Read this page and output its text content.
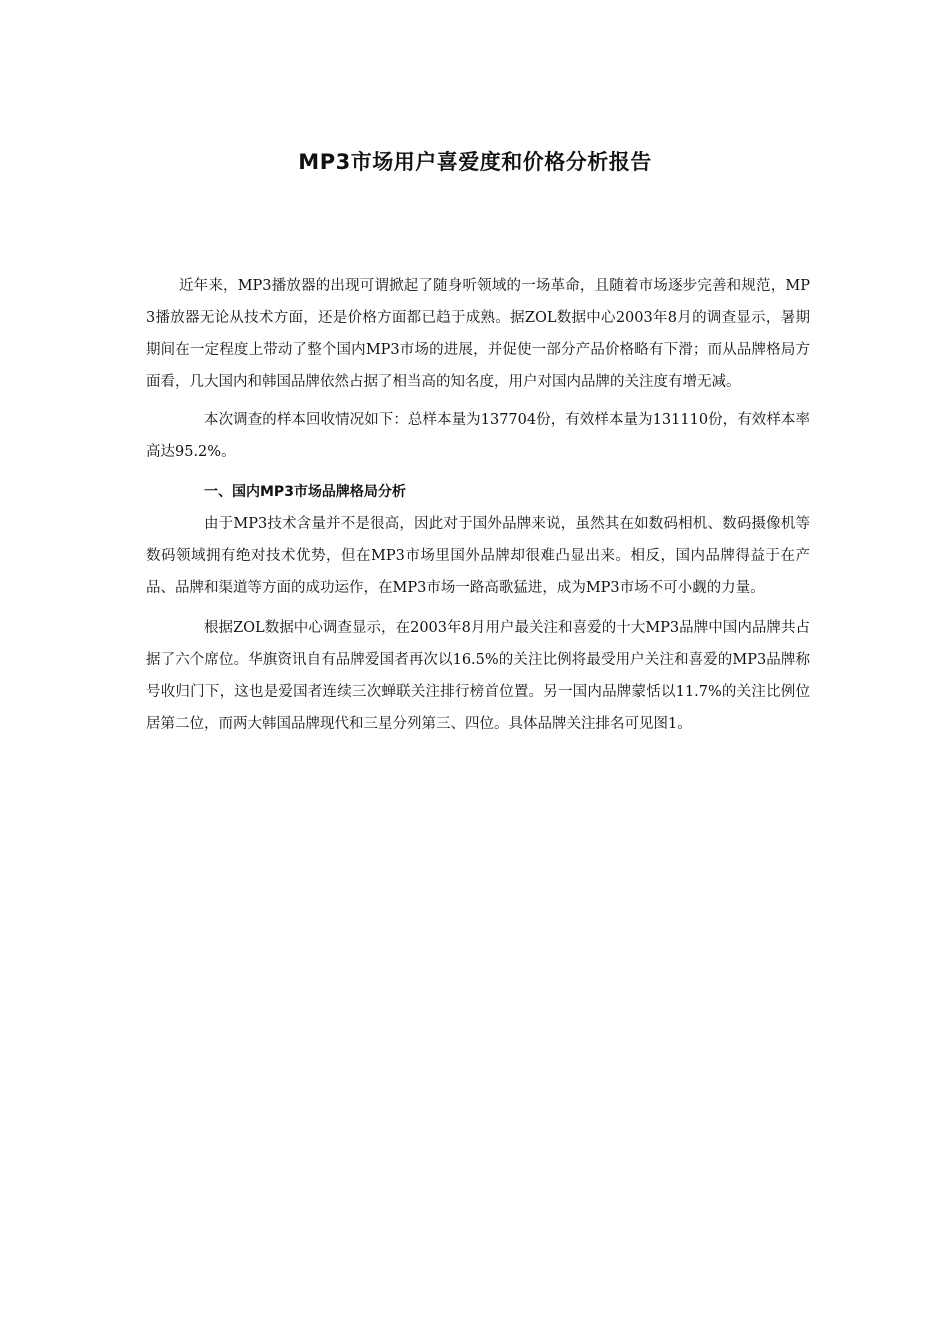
MP3市场用户喜爱度和价格分析报告

近年来，MP3播放器的出现可谓掀起了随身听领域的一场革命，且随着市场逐步完善和规范，MP3播放器无论从技术方面，还是价格方面都已趋于成熟。据ZOL数据中心2003年8月的调查显示，暑期期间在一定程度上带动了整个国内MP3市场的进展，并促使一部分产品价格略有下滑；而从品牌格局方面看，几大国内和韩国品牌依然占据了相当高的知名度，用户对国内品牌的关注度有增无减。

本次调查的样本回收情况如下：总样本量为137704份，有效样本量为131110份，有效样本率高达95.2%。

一、国内MP3市场品牌格局分析

由于MP3技术含量并不是很高，因此对于国外品牌来说，虽然其在如数码相机、数码摄像机等数码领域拥有绝对技术优势，但在MP3市场里国外品牌却很难凸显出来。相反，国内品牌得益于在产品、品牌和渠道等方面的成功运作，在MP3市场一路高歌猛进，成为MP3市场不可小觑的力量。

根据ZOL数据中心调查显示，在2003年8月用户最关注和喜爱的十大MP3品牌中国内品牌共占据了六个席位。华旗资讯自有品牌爱国者再次以16.5%的关注比例将最受用户关注和喜爱的MP3品牌称号收归门下，这也是爱国者连续三次蝉联关注排行榜首位置。另一国内品牌蒙恬以11.7%的关注比例位居第二位，而两大韩国品牌现代和三星分列第三、四位。具体品牌关注排名可见图1。
